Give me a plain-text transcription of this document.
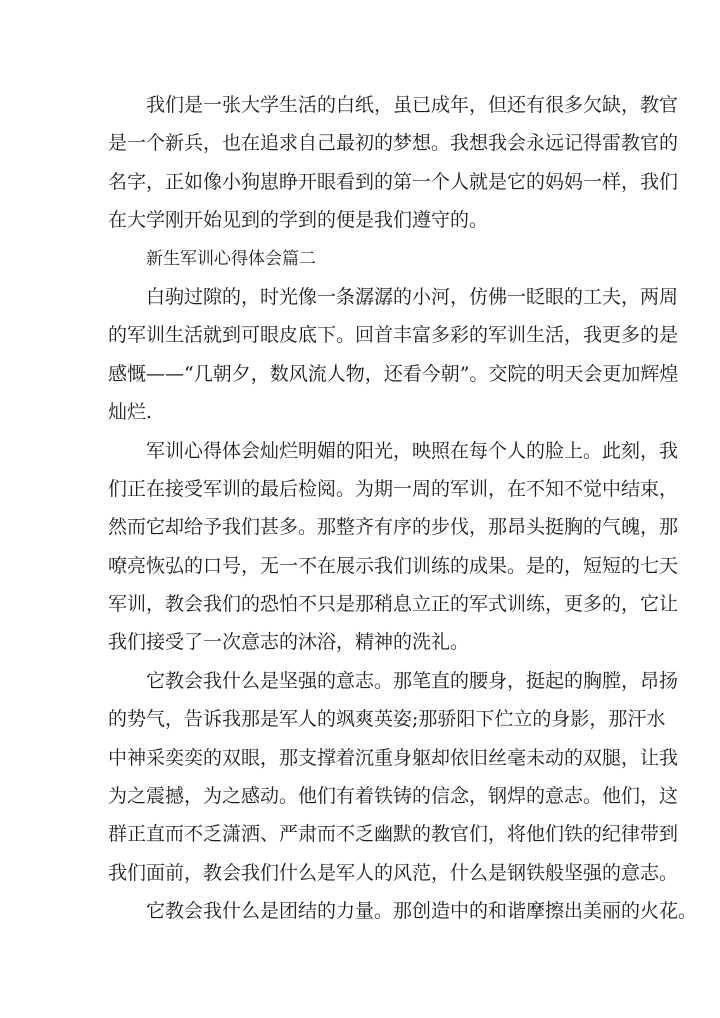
我们是一张大学生活的白纸，虽已成年，但还有很多欠缺，教官
是一个新兵，也在追求自己最初的梦想。我想我会永远记得雷教官的
名字，正如像小狗崽睁开眼看到的第一个人就是它的妈妈一样，我们
在大学刚开始见到的学到的便是我们遵守的。
新生军训心得体会篇二
白驹过隙的，时光像一条潺潺的小河，仿佛一眨眼的工夫，两周
的军训生活就到可眼皮底下。回首丰富多彩的军训生活，我更多的是
感慨——“几朝夕，数风流人物，还看今朝”。交院的明天会更加辉煌
灿烂.
军训心得体会灿烂明媚的阳光，映照在每个人的脸上。此刻，我
们正在接受军训的最后检阅。为期一周的军训，在不知不觉中结束，
然而它却给予我们甚多。那整齐有序的步伐，那昂头挺胸的气魄，那
嘹亮恢弘的口号，无一不在展示我们训练的成果。是的，短短的七天
军训，教会我们的恐怕不只是那稍息立正的军式训练，更多的，它让
我们接受了一次意志的沐浴，精神的洗礼。
它教会我什么是坚强的意志。那笔直的腰身，挺起的胸膛，昂扬
的势气，告诉我那是军人的飒爽英姿;那骄阳下伫立的身影，那汗水
中神采奕奕的双眼，那支撑着沉重身躯却依旧丝毫未动的双腿，让我
为之震撼，为之感动。他们有着铁铸的信念，钢焊的意志。他们，这
群正直而不乏潇洒、严肃而不乏幽默的教官们，将他们铁的纪律带到
我们面前，教会我们什么是军人的风范，什么是钢铁般坚强的意志。
它教会我什么是团结的力量。那创造中的和谐摩擦出美丽的火花。
